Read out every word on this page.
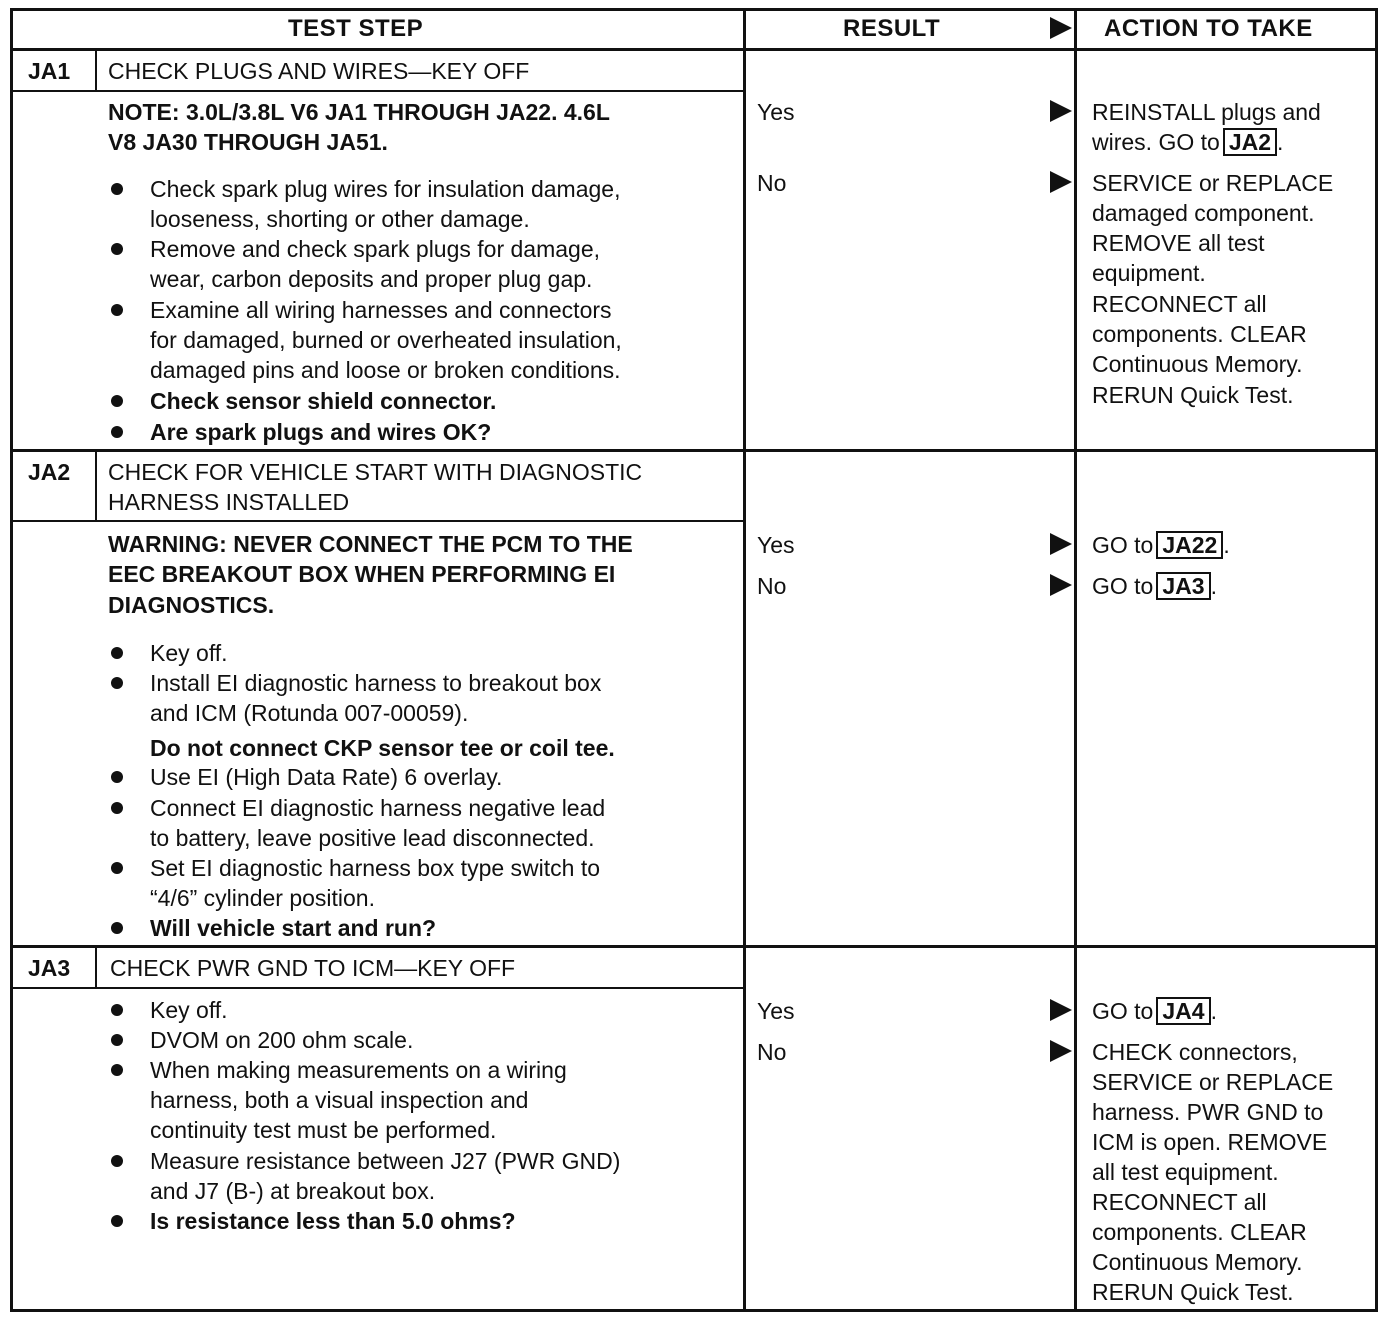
TEST STEP	RESULT	ACTION TO TAKE
JA1 CHECK PLUGS AND WIRES—KEY OFF
NOTE: 3.0L/3.8L V6 JA1 THROUGH JA22. 4.6L
V8 JA30 THROUGH JA51.
Check spark plug wires for insulation damage,
looseness, shorting or other damage.
Remove and check spark plugs for damage,
wear, carbon deposits and proper plug gap.
Examine all wiring harnesses and connectors
for damaged, burned or overheated insulation,
damaged pins and loose or broken conditions.
Check sensor shield connector.
Are spark plugs and wires OK?
Yes
No
REINSTALL plugs and
wires. GO to JA2 .
SERVICE or REPLACE
damaged component.
REMOVE all test
equipment.
RECONNECT all
components. CLEAR
Continuous Memory.
RERUN Quick Test.
JA2 CHECK FOR VEHICLE START WITH DIAGNOSTIC
HARNESS INSTALLED
WARNING: NEVER CONNECT THE PCM TO THE
EEC BREAKOUT BOX WHEN PERFORMING EI
DIAGNOSTICS.
Key off.
Install EI diagnostic harness to breakout box
and ICM (Rotunda 007-00059).
Do not connect CKP sensor tee or coil tee.
Use EI (High Data Rate) 6 overlay.
Connect EI diagnostic harness negative lead
to battery, leave positive lead disconnected.
Set EI diagnostic harness box type switch to
“4/6” cylinder position.
Will vehicle start and run?
Yes
No
GO to JA22 .
GO to JA3 .
JA3 CHECK PWR GND TO ICM—KEY OFF
Key off.
DVOM on 200 ohm scale.
When making measurements on a wiring
harness, both a visual inspection and
continuity test must be performed.
Measure resistance between J27 (PWR GND)
and J7 (B-) at breakout box.
Is resistance less than 5.0 ohms?
Yes
No
GO to JA4 .
CHECK connectors,
SERVICE or REPLACE
harness. PWR GND to
ICM is open. REMOVE
all test equipment.
RECONNECT all
components. CLEAR
Continuous Memory.
RERUN Quick Test.
